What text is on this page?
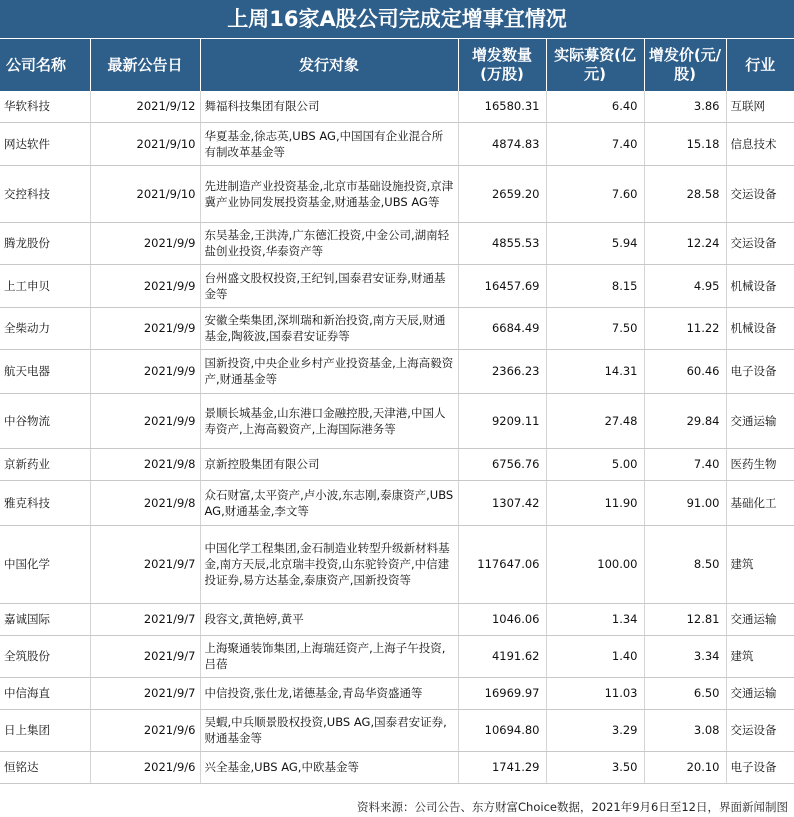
上周16家A股公司完成定增事宜情况
公司名称	最新公告日	发行对象	增发数量(万股)	实际募资(亿元)	增发价(元/股)	行业
华软科技	2021/9/12	舞福科技集团有限公司	16580.31	6.40	3.86	互联网
网达软件	2021/9/10	华夏基金,徐志英,UBS AG,中国国有企业混合所有制改革基金等	4874.83	7.40	15.18	信息技术
交控科技	2021/9/10	先进制造产业投资基金,北京市基础设施投资,京津冀产业协同发展投资基金,财通基金,UBS AG等	2659.20	7.60	28.58	交运设备
腾龙股份	2021/9/9	东吴基金,王洪涛,广东德汇投资,中金公司,湖南轻盐创业投资,华泰资产等	4855.53	5.94	12.24	交运设备
上工申贝	2021/9/9	台州盛文股权投资,王纪钊,国泰君安证券,财通基金等	16457.69	8.15	4.95	机械设备
全柴动力	2021/9/9	安徽全柴集团,深圳瑞和新治投资,南方天辰,财通基金,陶筱波,国泰君安证券等	6684.49	7.50	11.22	机械设备
航天电器	2021/9/9	国新投资,中央企业乡村产业投资基金,上海高毅资产,财通基金等	2366.23	14.31	60.46	电子设备
中谷物流	2021/9/9	景顺长城基金,山东港口金融控股,天津港,中国人寿资产,上海高毅资产,上海国际港务等	9209.11	27.48	29.84	交通运输
京新药业	2021/9/8	京新控股集团有限公司	6756.76	5.00	7.40	医药生物
雅克科技	2021/9/8	众石财富,太平资产,卢小波,东志刚,泰康资产,UBS AG,财通基金,李文等	1307.42	11.90	91.00	基础化工
中国化学	2021/9/7	中国化学工程集团,金石制造业转型升级新材料基金,南方天辰,北京瑞丰投资,山东驼铃资产,中信建投证券,易方达基金,泰康资产,国新投资等	117647.06	100.00	8.50	建筑
嘉诚国际	2021/9/7	段容文,黄艳婷,黄平	1046.06	1.34	12.81	交通运输
全筑股份	2021/9/7	上海聚通装饰集团,上海瑞廷资产,上海子午投资,吕蓓	4191.62	1.40	3.34	建筑
中信海直	2021/9/7	中信投资,张仕龙,诺德基金,青岛华资盛通等	16969.97	11.03	6.50	交通运输
日上集团	2021/9/6	吴蝦,中兵顺景股权投资,UBS AG,国泰君安证券,财通基金等	10694.80	3.29	3.08	交运设备
恒铭达	2021/9/6	兴全基金,UBS AG,中欧基金等	1741.29	3.50	20.10	电子设备
资料来源：公司公告、东方财富Choice数据，2021年9月6日至12日，界面新闻制图
